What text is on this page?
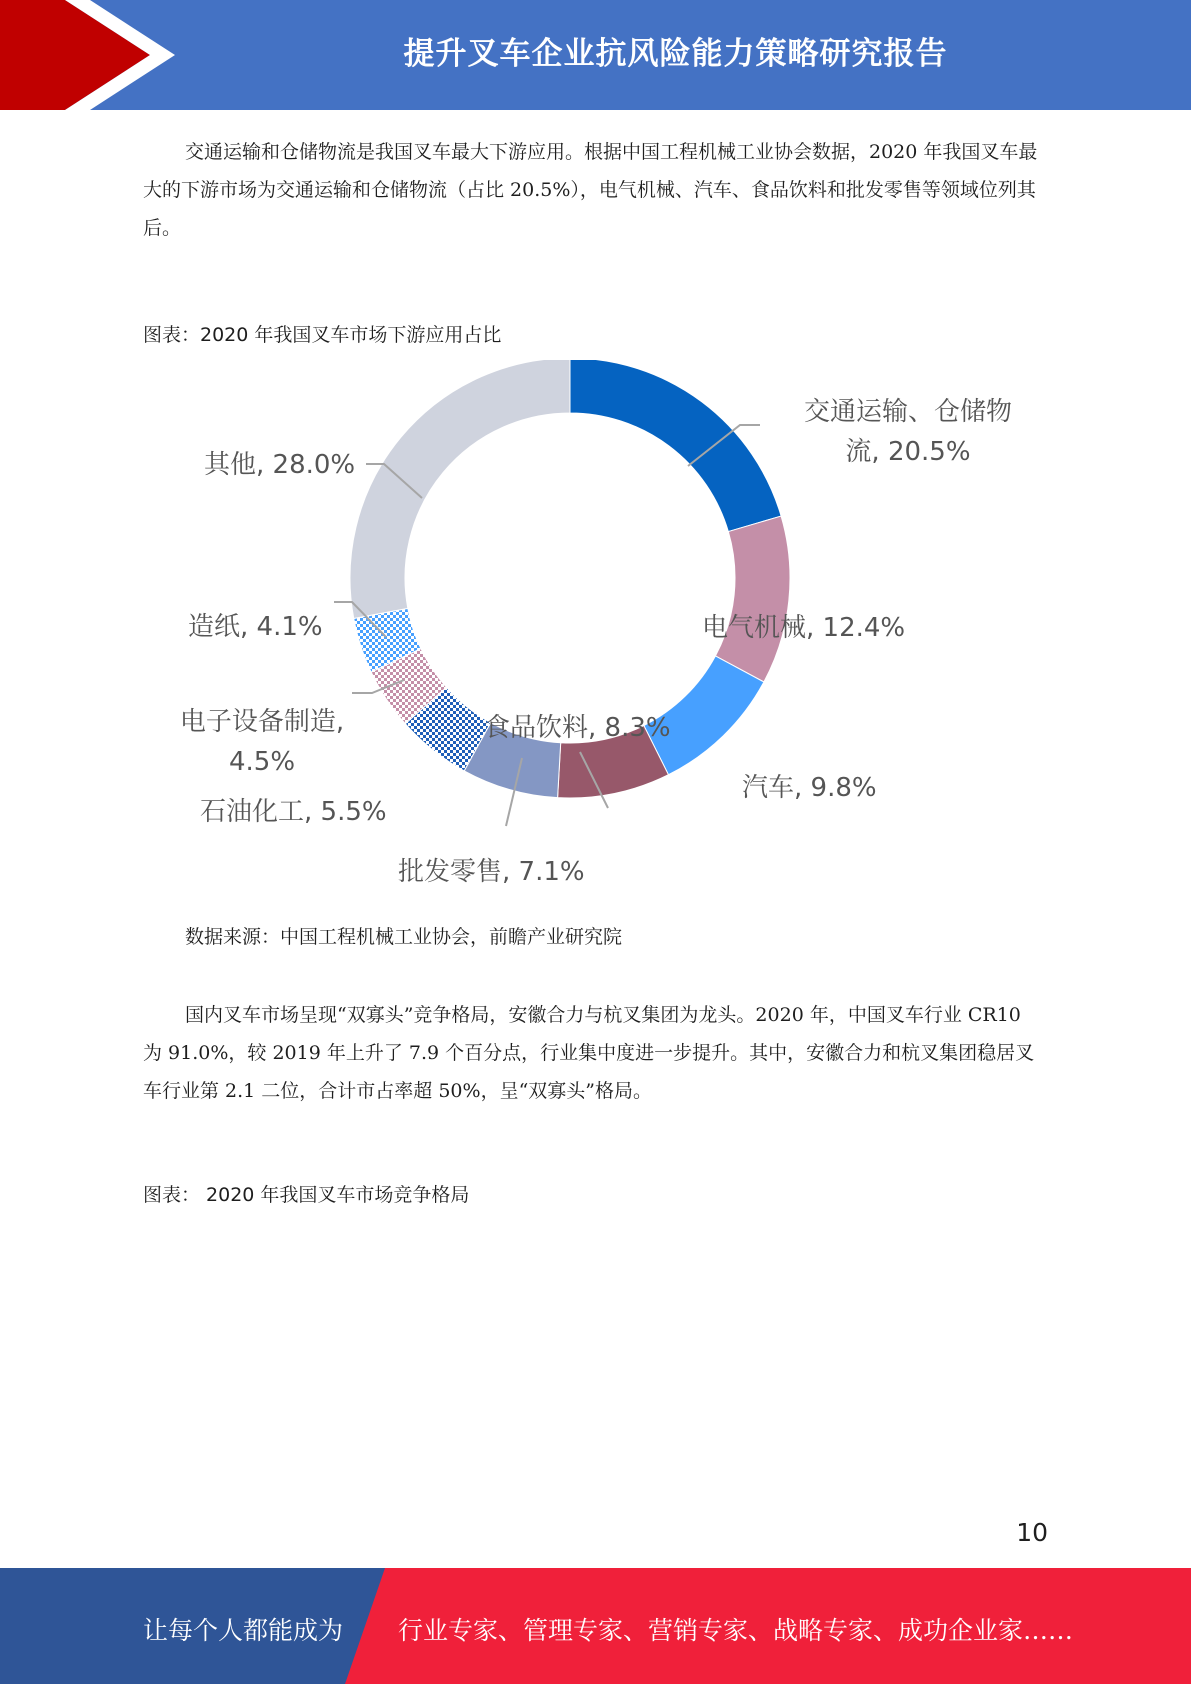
提升叉车企业抗风险能力策略研究报告

交通运输和仓储物流是我国叉车最大下游应用。根据中国工程机械工业协会数据，2020 年我国叉车最大的下游市场为交通运输和仓储物流（占比 20.5%），电气机械、汽车、食品饮料和批发零售等领域位列其后。

图表：2020 年我国叉车市场下游应用占比
交通运输、仓储物流, 20.5%
电气机械, 12.4%
汽车, 9.8%
食品饮料, 8.3%
批发零售, 7.1%
石油化工, 5.5%
电子设备制造, 4.5%
造纸, 4.1%
其他, 28.0%
数据来源：中国工程机械工业协会，前瞻产业研究院

国内叉车市场呈现“双寡头”竞争格局，安徽合力与杭叉集团为龙头。2020 年，中国叉车行业 CR10 为 91.0%，较 2019 年上升了 7.9 个百分点，行业集中度进一步提升。其中，安徽合力和杭叉集团稳居叉车行业第 2.1 二位，合计市占率超 50%，呈“双寡头”格局。

图表： 2020 年我国叉车市场竞争格局
10
让每个人都能成为 行业专家、管理专家、营销专家、战略专家、成功企业家……
